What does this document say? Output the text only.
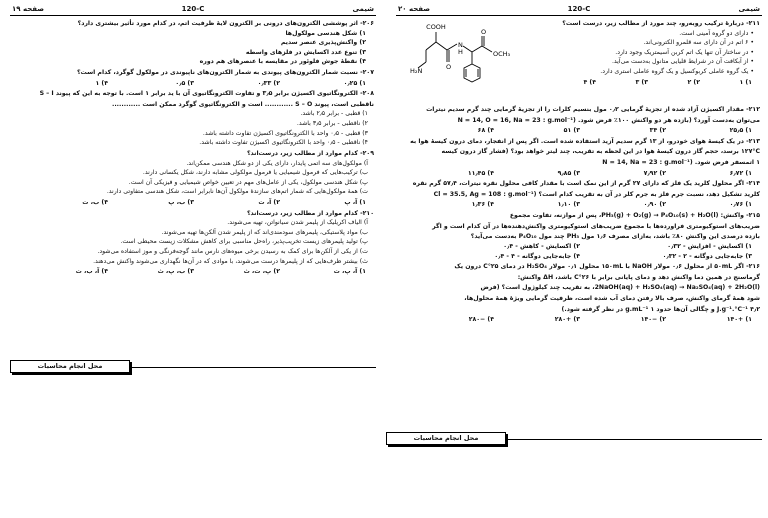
شیمی
120-C
صفحه ۱۹
۲۰۶- اثر پوششی الکترون‌های درونی بر الکترون لایهٔ ظرفیت اتم، در کدام مورد تأثیر بیشتری دارد؟
۱) شکل هندسی مولکول‌ها
۲) واکنش‌پذیری عنصر سدیم
۳) تنوع عدد اکسایش در فلزهای واسطه
۴) نقطهٔ جوش فلوئور در مقایسه با عنصرهای هم دوره
۲۰۷- نسبت شمار الکترون‌های پیوندی به شمار الکترون‌های ناپیوندی در مولکول گوگرد، کدام است؟
۱) ۰٫۲۵
۲) ۰٫۳۳
۳) ۰٫۵
۴) ۱
۲۰۸- الکترونگاتیوی اکسیژن برابر ۳٫۵ و تفاوت الکترونگاتیوی آن با ید برابر ۱ است. با توجه به این که پیوند S – I
ناقطبی است، پیوند S – O ............ است و الکترونگاتیوی گوگرد ممکن است ............
۱) قطبی - برابر ۲٫۵ باشد.
۲) ناقطبی - برابر ۳٫۵ باشد.
۳) قطبی - ۰٫۵ واحد با الکترونگاتیوی اکسیژن تفاوت داشته باشد.
۴) ناقطبی - ۰٫۵ واحد با الکترونگاتیوی اکسیژن تفاوت داشته باشد.
۲۰۹- کدام موارد از مطالب زیر، درست‌اند؟
آ) مولکول‌های سه اتمی پایدار، دارای یکی از دو شکل هندسی ممکن‌اند.
ب) ترکیب‌هایی که فرمول شیمیایی یا فرمول مولکولی مشابه دارند، شکل یکسانی دارند.
پ) شکل هندسی مولکول، یکی از عامل‌های مهم در تعیین خواص شیمیایی و فیزیکی آن است.
ت) همهٔ مولکول‌هایی که شمار اتم‌های سازندهٔ مولکول آن‌ها نابرابر است، شکل هندسی متفاوتی دارند.
۱) آ، پ
۲) آ، ت
۳) ب، پ
۴) ب، ت
۲۱۰- کدام موارد از مطالب زیر، درست‌اند؟
آ) الیاف اکریلیک از پلیمر شدن سیانواتن، تهیه می‌شوند.
ب) مواد پلاستیکی، پلیمرهای سودمندی‌اند که از پلیمر شدن آلکن‌ها تهیه می‌شوند.
پ) تولید پلیمرهای زیست تخریب‌پذیر، راه‌حل مناسبی برای کاهش مشکلات زیست محیطی است.
ت) از یکی از آلکن‌ها برای کمک به رسیدن برخی میوه‌های نارس مانند گوجه‌فرنگی و موز استفاده می‌شود.
ث) بیشتر ظرف‌هایی که از پلیمرها درست می‌شوند، با موادی که در آن‌ها نگهداری می‌شوند واکنش می‌دهند.
۱) آ، پ، ت
۲) پ، ت، ث
۳) ب، پ، ث
۴) آ، ب، ت
محل انجام محاسبات
شیمی
120-C
صفحه ۲۰
COOH
H₂N
N
H
O
O
OCH₃
۲۱۱- دربارهٔ ترکیب روبه‌رو، چند مورد از مطالب زیر، درست است؟
• دارای دو گروه آمینی است.
• ۶ اتم در آن دارای سه قلمرو الکترونی‌اند.
• در ساختار آن تنها یک اتم کربن آسیمتریک وجود دارد.
• از آبکافت آن در شرایط قلیایی متانول به‌دست می‌آید.
• یک گروه عاملی کربوکسیل و یک گروه عاملی استری دارد.
۱) ۱
۲) ۲
۳) ۳
۴) ۴
۲۱۲- مقدار اکسیژن آزاد شده از تجزیهٔ گرمایی ۰٫۲ مول بنسیم کلرات را از تجزیهٔ گرمایی چند گرم سدیم نیترات
می‌توان به‌دست آورد؟ (بازده هر دو واکنش ۱۰۰٪ فرض شود. (N = 14, O = 16, Na = 23 : g.mol⁻¹
۱) ۲۵٫۵
۲) ۳۴
۳) ۵۱
۴) ۶۸
۲۱۳- در یک کیسهٔ هوای خودرو، از ۱۳ گرم سدیم آزید استفاده شده است. اگر پس از انفجار، دمای درون کیسهٔ هوا به
۱۲۷°C برسد، حجم گاز درون کیسهٔ هوا در این لحظه به تقریب، چند لیتر خواهد بود؟ (فشار گاز درون کیسه
۱ اتمسفر فرض شود. (N = 14, Na = 23 : g.mol⁻¹
۱) ۶٫۷۲
۲) ۷٫۹۲
۳) ۹٫۸۵
۴) ۱۱٫۴۵
۲۱۴- اگر محلول کلرید یک فلز که دارای ۲۷ گرم از این نمک است با مقدار کافی محلول نقره نیترات، ۵۷٫۴ گرم نقره
کلرید تشکیل دهد، نسبت جرم فلز به جرم کلر در آن به تقریب کدام است؟ (Cl = 35.5, Ag = 108 : g.mol⁻¹
۱) ۰٫۷۶
۲) ۰٫۹۰
۳) ۱٫۱۰
۴) ۱٫۳۶
۲۱۵- واکنش: PH₃(g) + O₂(g) → P₄O₁₀(s) + H₂O(l)، پس از موازنه، تفاوت مجموع
ضریب‌های استوکیومتری فراورده‌ها با مجموع ضریب‌های استوکیومتری واکنش‌دهنده‌ها در آن کدام است و اگر
بازده درصدی این واکنش ۸۰٪ باشد، به‌ازای مصرف ۱٫۶ مول PH₃ چند مول P₄O₁₀ به‌دست می‌آید؟
۱) اکسایش - افزایش - ۰٫۳۲
۲) اکسایش - کاهش - ۰٫۴
۳) جابه‌جایی دوگانه - ۲ - ۰٫۳۲
۴) جابه‌جایی دوگانه - ۴ - ۰٫۴
۲۱۶- اگر ۵۰mL از محلول ۰٫۶ مولار NaOH با ۱۵۰mL محلول ۰٫۱ مولار H₂SO₄ در دمای ۲۵°C درون یک
گرماسنج در همین دما واکنش دهد و دمای پایانی برابر با ۲۶°C باشد، ΔH واکنش:
2NaOH(aq) + H₂SO₄(aq) → Na₂SO₄(aq) + 2H₂O(l)، به تقریب چند کیلوژول است؟ (فرض
شود همهٔ گرمای واکنش، صرف بالا رفتن دمای آب شده است، ظرفیت گرمایی ویژهٔ همهٔ محلول‌ها،
۴٫۲ J.g⁻¹.°C⁻¹ و چگالی آن‌ها حدود ۱ g.mL⁻¹ در نظر گرفته شود.)
۱) +۱۴۰
۲) −۱۴۰
۳) +۲۸۰
۴) −۲۸۰
محل انجام محاسبات
